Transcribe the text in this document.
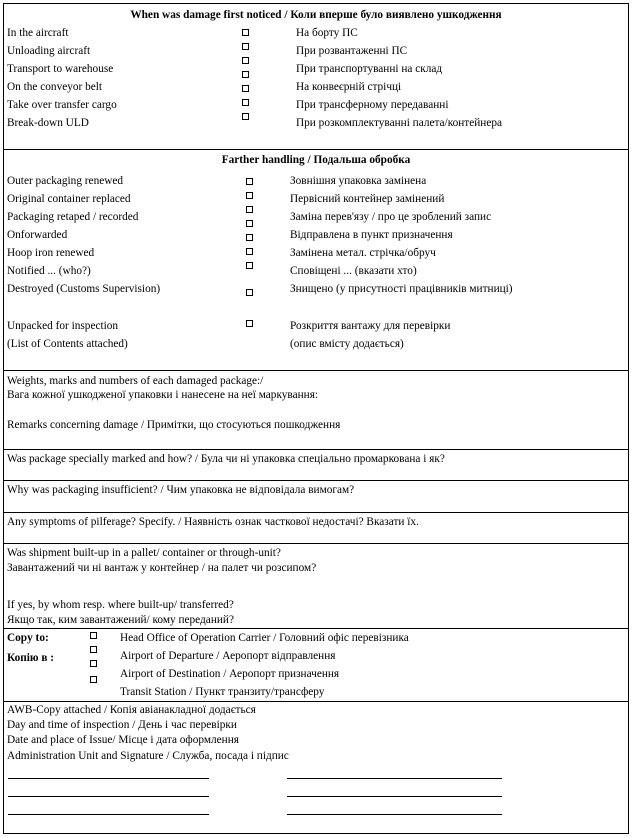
When was damage first noticed / Коли вперше було виявлено ушкодження
In the aircraft
Unloading aircraft
Transport to warehouse
On the conveyor belt
Take over transfer cargo
Break-down ULD
На борту ПС
При розвантаженні ПС
При транспортуванні на склад
На конвеєрній стрічці
При трансферному передаванні
При розкомплектуванні палета/контейнера
Farther handling / Подальша обробка
Outer packaging renewed
Original container replaced
Packaging retaped / recorded
Onforwarded
Hoop iron renewed
Notified ... (who?)
Destroyed (Customs Supervision)
Unpacked for inspection
(List of Contents attached)
Зовнішня упаковка замінена
Первісний контейнер замінений
Заміна перев'язу / про це зроблений запис
Відправлена в пункт призначення
Замінена метал. стрічка/обруч
Сповіщені ... (вказати хто)
Знищено (у присутності працівників митниці)
Розкриття вантажу для перевірки
(опис вмісту додається)
Weights, marks and numbers of each damaged package:/
Вага кожної ушкодженої упаковки і нанесене на неї маркування:
Remarks concerning damage / Примітки, що стосуються пошкодження
Was package specially marked and how? / Була чи ні упаковка спеціально промаркована і як?
Why was packaging insufficient? / Чим упаковка не відповідала вимогам?
Any symptoms of pilferage? Specify. / Наявність ознак часткової недостачі? Вказати їх.
Was shipment built-up in a pallet/ container or through-unit?
Завантажений чи ні вантаж у контейнер / на палет чи розсипом?
If yes, by whom resp. where built-up/ transferred?
Якщо так, ким завантажений/ кому переданий?
Copy to:
Копію в :
Head Office of Operation Carrier / Головний офіс перевізника
Airport of Departure / Аеропорт відправлення
Airport of Destination / Аеропорт призначення
Transit Station / Пункт транзиту/трансферу
AWB-Copy attached / Копія авіанакладної додається
Day and time of inspection / День і час перевірки
Date and place of Issue/ Місце і дата оформлення
Administration Unit and Signature / Служба, посада і підпис
